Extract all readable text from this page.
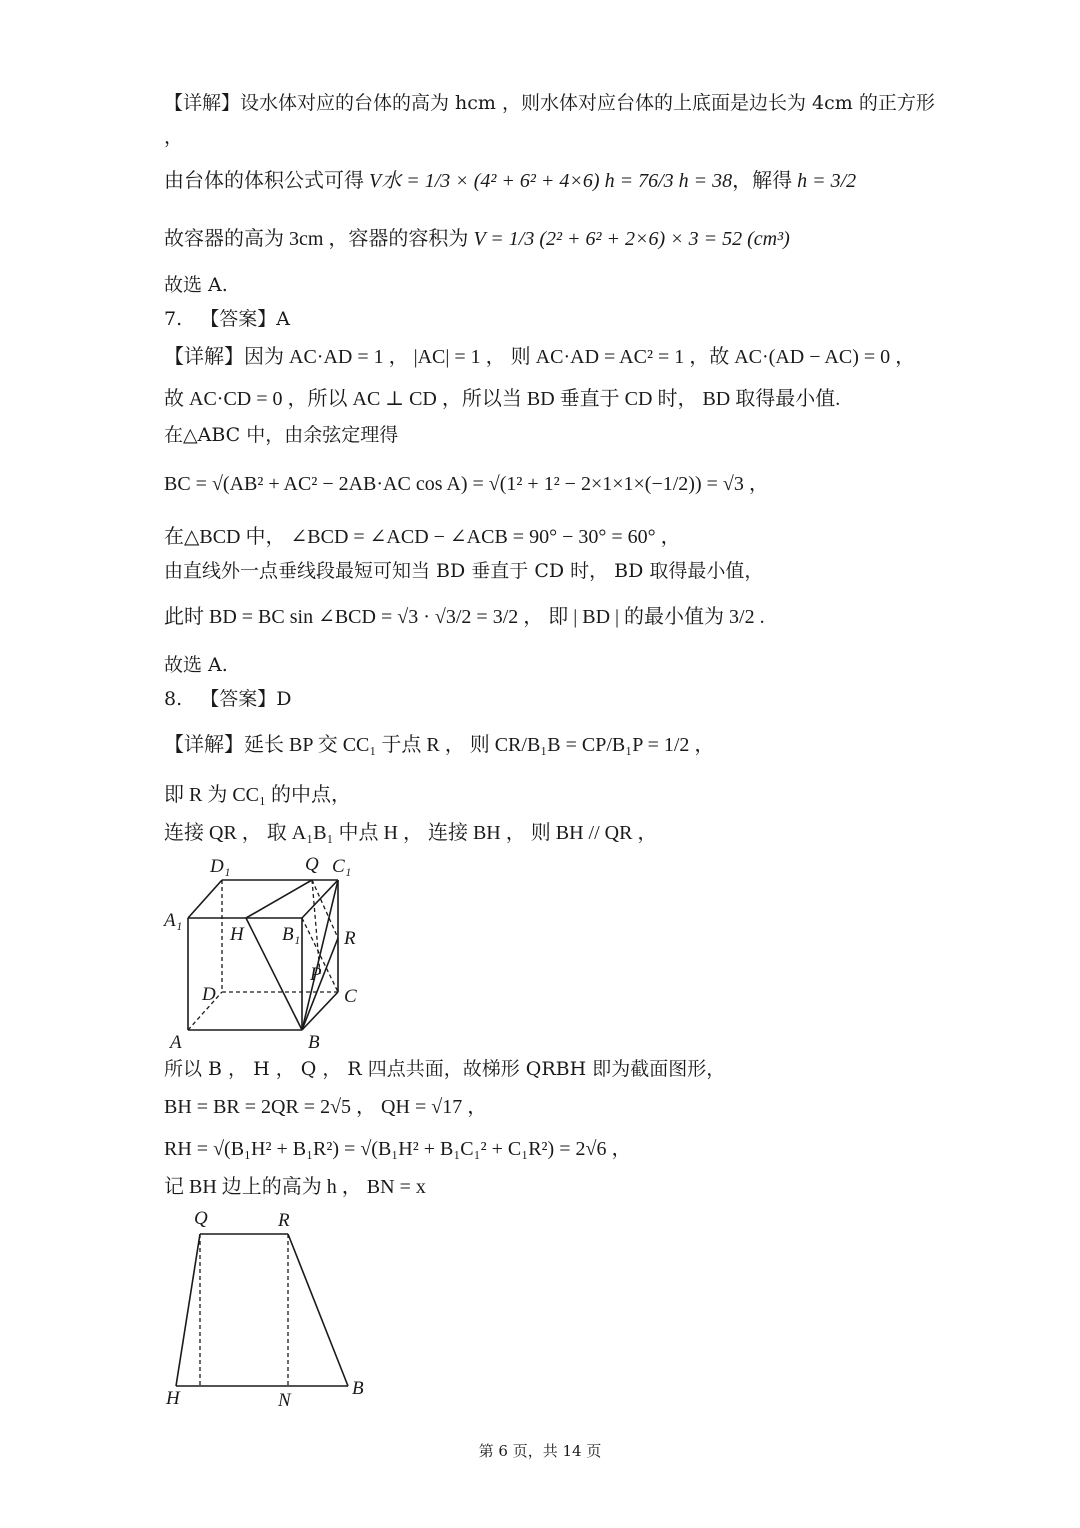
【详解】设水体对应的台体的高为 hcm ，则水体对应台体的上底面是边长为 4cm 的正方形
，
由台体的体积公式可得 V水 = 1/3 × (4² + 6² + 4×6) h = 76/3 h = 38，解得 h = 3/2
故容器的高为 3cm ，容器的容积为 V = 1/3 (2² + 6² + 2×6) × 3 = 52 (cm³)
故选 A.
7. 【答案】A
【详解】因为 AC·AD = 1 ， |AC| = 1 ， 则 AC·AD = AC² = 1 ，故 AC·(AD − AC) = 0 ，
故 AC·CD = 0 ，所以 AC ⊥ CD ，所以当 BD 垂直于 CD 时， BD 取得最小值.
在△ABC 中，由余弦定理得
BC = √(AB² + AC² − 2AB·AC cos A) = √(1² + 1² − 2×1×1×(−1/2)) = √3 ，
在△BCD 中， ∠BCD = ∠ACD − ∠ACB = 90° − 30° = 60° ，
由直线外一点垂线段最短可知当 BD 垂直于 CD 时， BD 取得最小值，
此时 BD = BC sin ∠BCD = √3 · √3/2 = 3/2 ， 即 | BD | 的最小值为 3/2 .
故选 A.
8. 【答案】D
【详解】延长 BP 交 CC₁ 于点 R ， 则 CR/B₁B = CP/B₁P = 1/2 ，
即 R 为 CC₁ 的中点，
连接 QR ， 取 A₁B₁ 中点 H ， 连接 BH ， 则 BH // QR ，
D₁	Q C₁
A₁
H B₁ R
P
D	C
A	B
所以 B ， H ， Q ， R 四点共面，故梯形 QRBH 即为截面图形，
BH = BR = 2QR = 2√5 ， QH = √17 ，
RH = √(B₁H² + B₁R²) = √(B₁H² + B₁C₁² + C₁R²) = 2√6 ，
记 BH 边上的高为 h ， BN = x
Q	R
H	N
B
第 6 页，共 14 页
